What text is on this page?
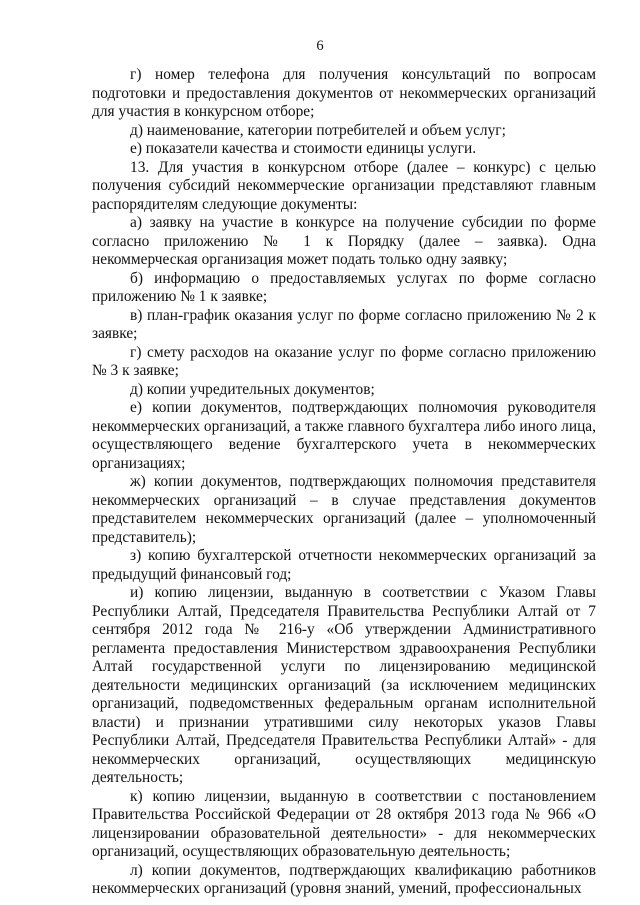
6

г) номер телефона для получения консультаций по вопросам подготовки и предоставления документов от некоммерческих организаций для участия в конкурсном отборе;

д) наименование, категории потребителей и объем услуг;

е) показатели качества и стоимости единицы услуги.

13. Для участия в конкурсном отборе (далее – конкурс) с целью получения субсидий некоммерческие организации представляют главным распорядителям следующие документы:

а) заявку на участие в конкурсе на получение субсидии по форме согласно приложению № 1 к Порядку (далее – заявка). Одна некоммерческая организация может подать только одну заявку;

б) информацию о предоставляемых услугах по форме согласно приложению № 1 к заявке;

в) план-график оказания услуг по форме согласно приложению № 2 к заявке;

г) смету расходов на оказание услуг по форме согласно приложению № 3 к заявке;

д) копии учредительных документов;

е) копии документов, подтверждающих полномочия руководителя некоммерческих организаций, а также главного бухгалтера либо иного лица, осуществляющего ведение бухгалтерского учета в некоммерческих организациях;

ж) копии документов, подтверждающих полномочия представителя некоммерческих организаций – в случае представления документов представителем некоммерческих организаций (далее – уполномоченный представитель);

з) копию бухгалтерской отчетности некоммерческих организаций за предыдущий финансовый год;

и) копию лицензии, выданную в соответствии с Указом Главы Республики Алтай, Председателя Правительства Республики Алтай от 7 сентября 2012 года № 216-у «Об утверждении Административного регламента предоставления Министерством здравоохранения Республики Алтай государственной услуги по лицензированию медицинской деятельности медицинских организаций (за исключением медицинских организаций, подведомственных федеральным органам исполнительной власти) и признании утратившими силу некоторых указов Главы Республики Алтай, Председателя Правительства Республики Алтай» - для некоммерческих организаций, осуществляющих медицинскую деятельность;

к) копию лицензии, выданную в соответствии с постановлением Правительства Российской Федерации от 28 октября 2013 года № 966 «О лицензировании образовательной деятельности» - для некоммерческих организаций, осуществляющих образовательную деятельность;

л) копии документов, подтверждающих квалификацию работников некоммерческих организаций (уровня знаний, умений, профессиональных
